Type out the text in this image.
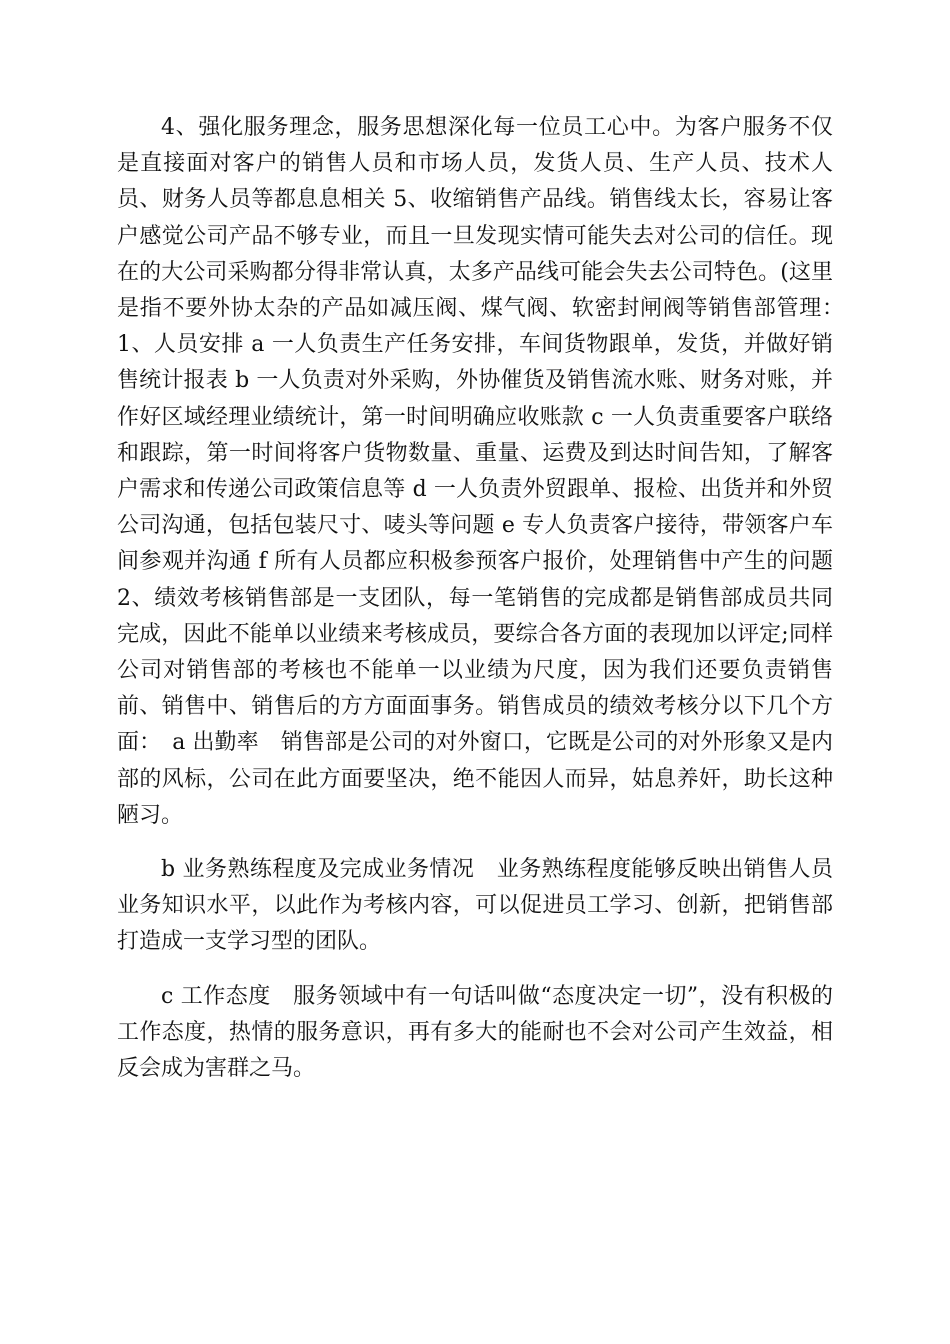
4、强化服务理念，服务思想深化每一位员工心中。为客户服务不仅是直接面对客户的销售人员和市场人员，发货人员、生产人员、技术人员、财务人员等都息息相关 5、收缩销售产品线。销售线太长，容易让客户感觉公司产品不够专业，而且一旦发现实情可能失去对公司的信任。现在的大公司采购都分得非常认真，太多产品线可能会失去公司特色。(这里是指不要外协太杂的产品如减压阀、煤气阀、软密封闸阀等销售部管理：　1、人员安排 a 一人负责生产任务安排，车间货物跟单，发货，并做好销售统计报表 b 一人负责对外采购，外协催货及销售流水账、财务对账，并作好区域经理业绩统计，第一时间明确应收账款 c 一人负责重要客户联络和跟踪，第一时间将客户货物数量、重量、运费及到达时间告知，了解客户需求和传递公司政策信息等 d 一人负责外贸跟单、报检、出货并和外贸公司沟通，包括包装尺寸、唛头等问题 e 专人负责客户接待，带领客户车间参观并沟通 f 所有人员都应积极参预客户报价，处理销售中产生的问题 2、绩效考核销售部是一支团队，每一笔销售的完成都是销售部成员共同完成，因此不能单以业绩来考核成员，要综合各方面的表现加以评定;同样公司对销售部的考核也不能单一以业绩为尺度，因为我们还要负责销售前、销售中、销售后的方方面面事务。销售成员的绩效考核分以下几个方面：　a 出勤率　销售部是公司的对外窗口，它既是公司的对外形象又是内部的风标，公司在此方面要坚决，绝不能因人而异，姑息养奸，助长这种陋习。

b 业务熟练程度及完成业务情况　业务熟练程度能够反映出销售人员业务知识水平，以此作为考核内容，可以促进员工学习、创新，把销售部打造成一支学习型的团队。

c 工作态度　服务领域中有一句话叫做“态度决定一切”，没有积极的工作态度，热情的服务意识，再有多大的能耐也不会对公司产生效益，相反会成为害群之马。
